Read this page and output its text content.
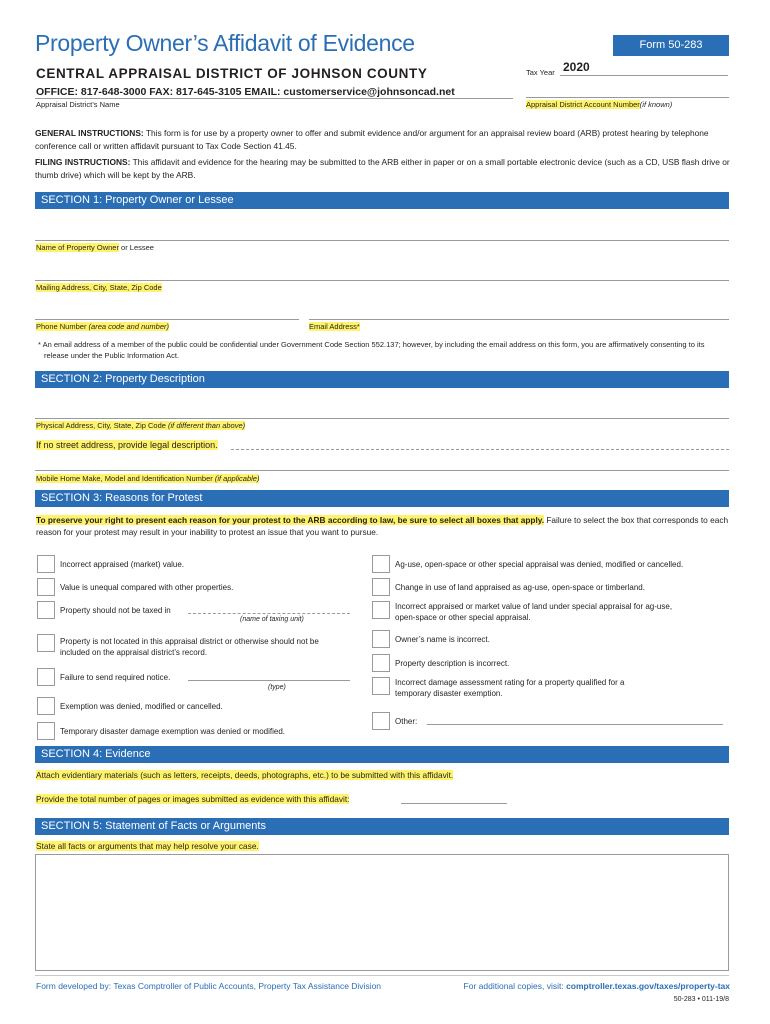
Property Owner’s Affidavit of Evidence	Form 50-283
CENTRAL APPRAISAL DISTRICT OF JOHNSON COUNTY
OFFICE: 817-648-3000 FAX: 817-645-3105 EMAIL: customerservice@johnsoncad.net
Appraisal District’s Name
Tax Year 2020
Appraisal District Account Number(if known)
GENERAL INSTRUCTIONS: This form is for use by a property owner to offer and submit evidence and/or argument for an appraisal review board (ARB) protest hearing by telephone conference call or written affidavit pursuant to Tax Code Section 41.45.
FILING INSTRUCTIONS: This affidavit and evidence for the hearing may be submitted to the ARB either in paper or on a small portable electronic device (such as a CD, USB flash drive or thumb drive) which will be kept by the ARB.
SECTION 1: Property Owner or Lessee
Name of Property Owner or Lessee
Mailing Address, City, State, Zip Code
Phone Number (area code and number)	Email Address*
* An email address of a member of the public could be confidential under Government Code Section 552.137; however, by including the email address on this form, you are affirmatively consenting to its release under the Public Information Act.
SECTION 2: Property Description
Physical Address, City, State, Zip Code (if different than above)
If no street address, provide legal description.
Mobile Home Make, Model and Identification Number (if applicable)
SECTION 3: Reasons for Protest
To preserve your right to present each reason for your protest to the ARB according to law, be sure to select all boxes that apply. Failure to select the box that corresponds to each reason for your protest may result in your inability to protest an issue that you want to pursue.
Incorrect appraised (market) value.
Value is unequal compared with other properties.
Property should not be taxed in
(name of taxing unit)
Property is not located in this appraisal district or otherwise should not be included on the appraisal district’s record.
Failure to send required notice.
(type)
Exemption was denied, modified or cancelled.
Temporary disaster damage exemption was denied or modified.
Ag-use, open-space or other special appraisal was denied, modified or cancelled.
Change in use of land appraised as ag-use, open-space or timberland.
Incorrect appraised or market value of land under special appraisal for ag-use, open-space or other special appraisal.
Owner’s name is incorrect.
Property description is incorrect.
Incorrect damage assessment rating for a property qualified for a temporary disaster exemption.
Other:
SECTION 4: Evidence
Attach evidentiary materials (such as letters, receipts, deeds, photographs, etc.) to be submitted with this affidavit.
Provide the total number of pages or images submitted as evidence with this affidavit:
SECTION 5: Statement of Facts or Arguments
State all facts or arguments that may help resolve your case.
Form developed by: Texas Comptroller of Public Accounts, Property Tax Assistance Division	For additional copies, visit: comptroller.texas.gov/taxes/property-tax
50-283 • 011-19/8
